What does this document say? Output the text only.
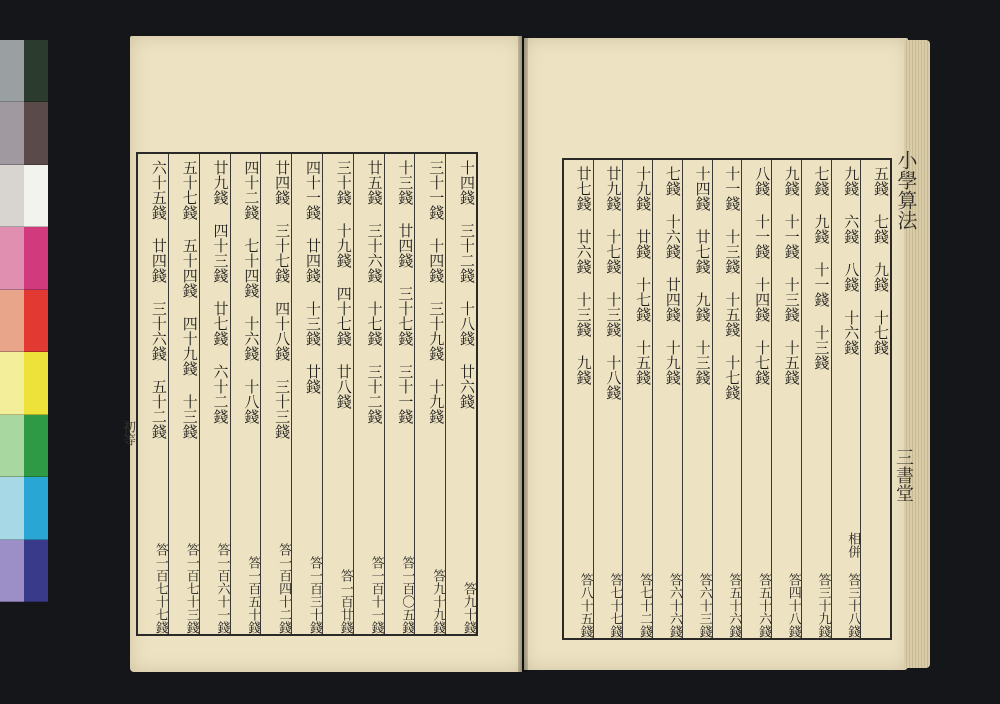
五錢 七錢 九錢 十七錢
九錢 六錢 八錢 十六錢
相併 答三十八錢
七錢 九錢 十一錢 十三錢
答三十九錢
九錢 十一錢 十三錢 十五錢
答四十八錢
八錢 十一錢 十四錢 十七錢
答五十六錢
十一錢 十三錢 十五錢 十七錢
答五十六錢
十四錢 廿七錢 九錢 十三錢
答六十三錢
七錢 十六錢 廿四錢 十九錢
答六十六錢
十九錢 廿錢 十七錢 十五錢
答七十二錢
廿九錢 十七錢 十三錢 十八錢
答七十七錢
廿七錢 廿六錢 十三錢 九錢
答八十五錢
十四錢 三十二錢 十八錢 廿六錢
答九十錢
三十一錢 十四錢 三十九錢 十九錢
答九十九錢
十三錢 廿四錢 三十七錢 三十一錢
答一百〇五錢
廿五錢 三十六錢 十七錢 三十二錢
答一百十一錢
三十錢 十九錢 四十七錢 廿八錢
答一百廿錢
四十一錢 廿四錢 十三錢 廿錢
答一百三十錢
廿四錢 三十七錢 四十八錢 三十三錢
答一百四十二錢
四十二錢 七十四錢 十六錢 十八錢
答一百五十錢
廿九錢 四十三錢 廿七錢 六十二錢
答一百六十一錢
五十七錢 五十四錢 四十九錢 十三錢
答一百七十三錢
六十五錢 廿四錢 三十六錢 五十二錢
答一百七十七錢
小學算法
三書堂
初等
